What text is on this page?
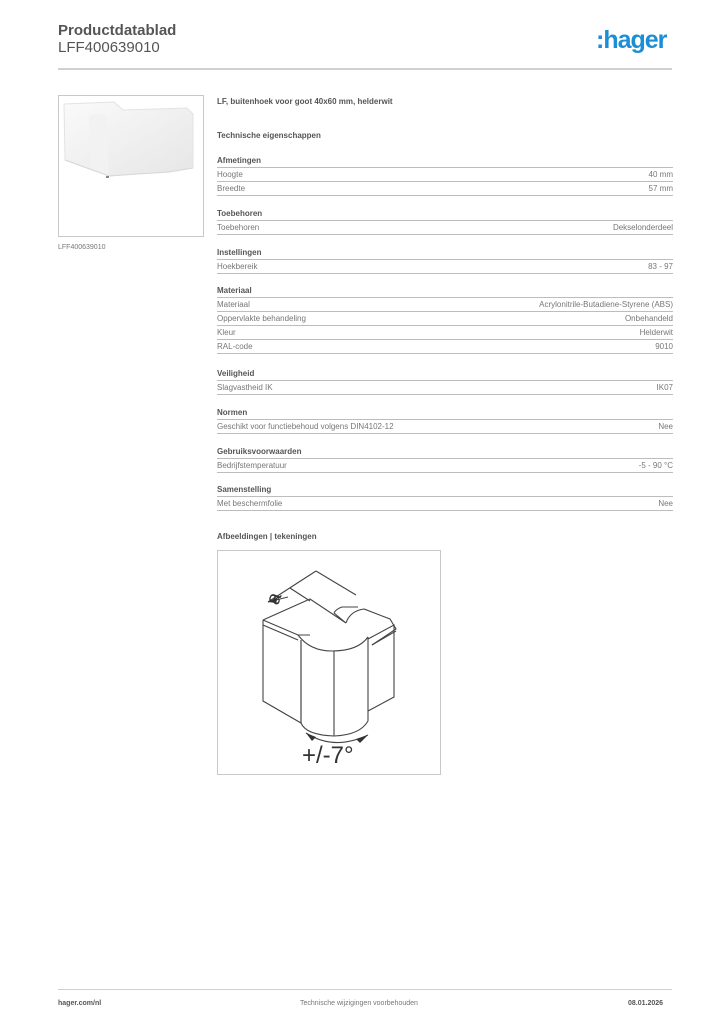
Productdatablad
LFF400639010	:hager
LFF400639010
LF, buitenhoek voor goot 40x60 mm, helderwit
Technische eigenschappen
Afmetingen
Hoogte	40 mm
Breedte	57 mm
Toebehoren
Toebehoren	Dekselonderdeel
Instellingen
Hoekbereik	83 - 97
Materiaal
Materiaal	Acrylonitrile-Butadiene-Styrene (ABS)
Oppervlakte behandeling	Onbehandeld
Kleur	Helderwit
RAL-code	9010
Veiligheid
Slagvastheid IK	IK07
Normen
Geschikt voor functiebehoud volgens DIN4102-12	Nee
Gebruiksvoorwaarden
Bedrijfstemperatuur	-5 - 90 °C
Samenstelling
Met beschermfolie	Nee
Afbeeldingen | tekeningen
a
+/-7°
hager.com/nl	Technische wijzigingen voorbehouden	08.01.2026
